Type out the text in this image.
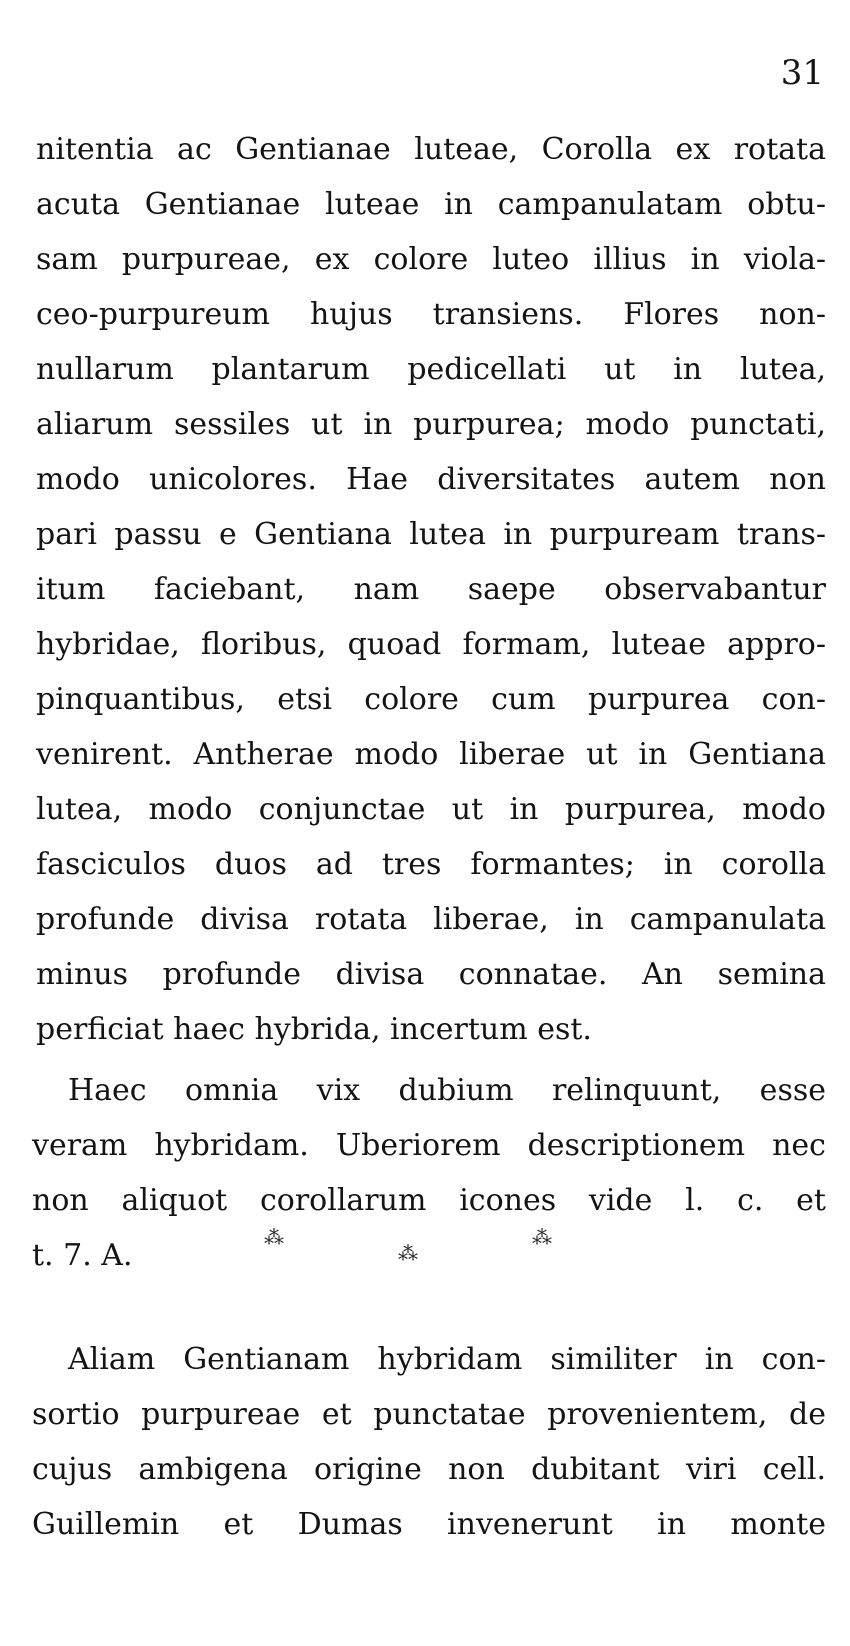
31
nitentia ac Gentianae luteae, Corolla ex rotata
acuta Gentianae luteae in campanulatam obtu-
sam purpureae, ex colore luteo illius in viola-
ceo-purpureum hujus transiens. Flores non-
nullarum plantarum pedicellati ut in lutea,
aliarum sessiles ut in purpurea; modo punctati,
modo unicolores. Hae diversitates autem non
pari passu e Gentiana lutea in purpuream trans-
itum faciebant, nam saepe observabantur
hybridae, floribus, quoad formam, luteae appro-
pinquantibus, etsi colore cum purpurea con-
venirent. Antherae modo liberae ut in Gentiana
lutea, modo conjunctae ut in purpurea, modo
fasciculos duos ad tres formantes; in corolla
profunde divisa rotata liberae, in campanulata
minus profunde divisa connatae. An semina
perficiat haec hybrida, incertum est.
Haec omnia vix dubium relinquunt, esse
veram hybridam. Uberiorem descriptionem nec
non aliquot corollarum icones vide l. c. et
t. 7. A.
⁂
⁂
⁂
Aliam Gentianam hybridam similiter in con-
sortio purpureae et punctatae provenientem, de
cujus ambigena origine non dubitant viri cell.
Guillemin et Dumas invenerunt in monte
